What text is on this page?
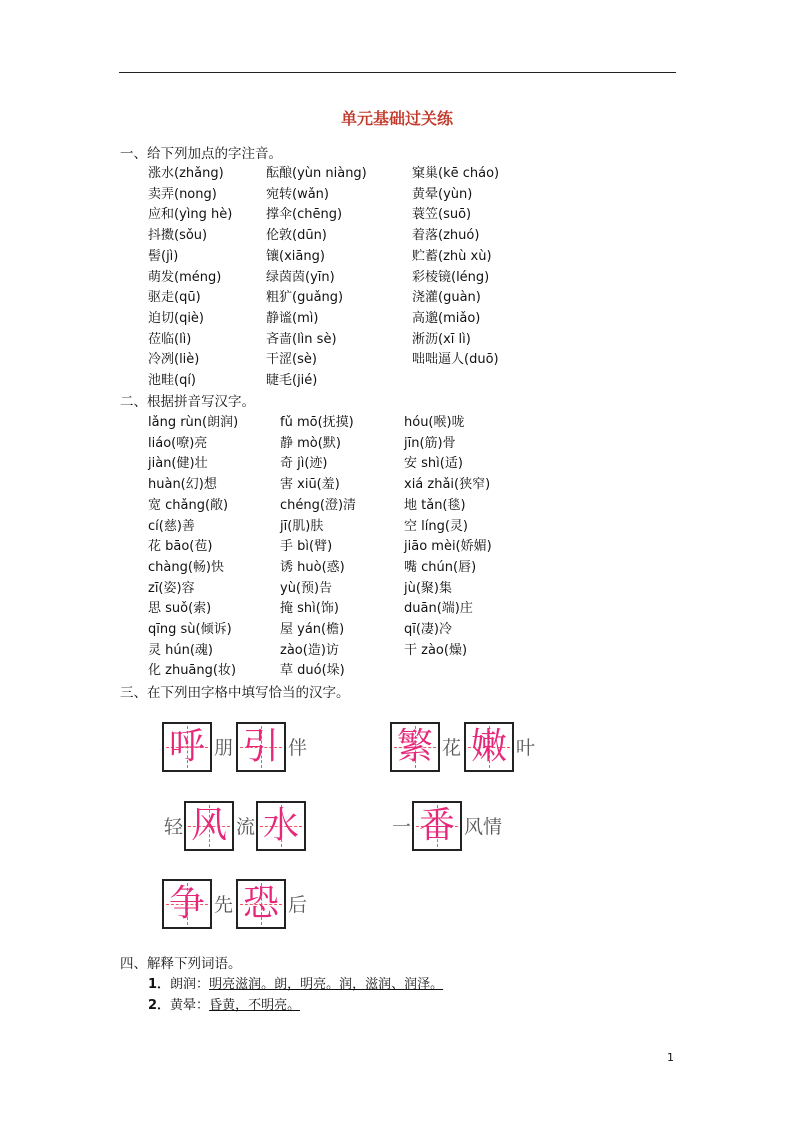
单元基础过关练
一、给下列加点的字注音。
涨水(zhǎng)	酝酿(yùn niàng)	窠巢(kē cháo)
卖弄(nong)	宛转(wǎn)	黄晕(yùn)
应和(yìng hè)	撑伞(chēng)	蓑笠(suō)
抖擞(sǒu)	伦敦(dūn)	着落(zhuó)
髻(jì)	镶(xiāng)	贮蓄(zhù xù)
萌发(méng)	绿茵茵(yīn)	彩棱镜(léng)
驱走(qū)	粗犷(guǎng)	浇灌(guàn)
迫切(qiè)	静谧(mì)	高邈(miǎo)
莅临(lì)	吝啬(lìn sè)	淅沥(xī lì)
冷冽(liè)	干涩(sè)	咄咄逼人(duō)
池畦(qí)	睫毛(jié)
二、根据拼音写汉字。
lǎng rùn(朗润)	fǔ mō(抚摸)	hóu(喉)咙
liáo(嘹)亮	静 mò(默)	jīn(筋)骨
jiàn(健)壮	奇 jì(迹)	安 shì(适)
huàn(幻)想	害 xiū(羞)	xiá zhǎi(狭窄)
宽 chǎng(敞)	chéng(澄)清	地 tǎn(毯)
cí(慈)善	jī(肌)肤	空 líng(灵)
花 bāo(苞)	手 bì(臂)	jiāo mèi(娇媚)
chàng(畅)快	诱 huò(惑)	嘴 chún(唇)
zī(姿)容	yù(预)告	jù(聚)集
思 suǒ(索)	掩 shì(饰)	duān(端)庄
qīng sù(倾诉)	屋 yán(檐)	qī(凄)冷
灵 hún(魂)	zào(造)访	干 zào(燥)
化 zhuāng(妆)	草 duó(垛)
三、在下列田字格中填写恰当的汉字。
呼 朋 引 伴 繁 花 嫩 叶
轻 风 流 水	一 番 风情
争 先 恐 后
四、解释下列词语。
1．朗润：明亮滋润。朗，明亮。润，滋润、润泽。
2．黄晕：昏黄，不明亮。
1
